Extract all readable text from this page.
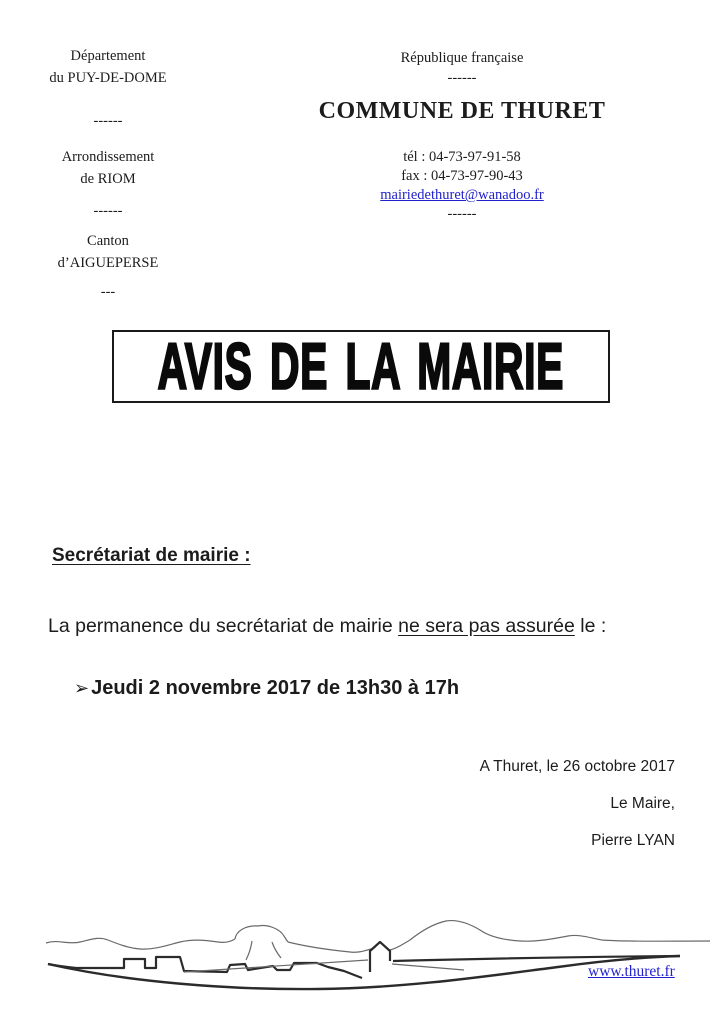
Département
du PUY-DE-DOME
------
Arrondissement
de RIOM
------
Canton
d’AIGUEPERSE
---
République française
------
COMMUNE DE THURET
tél : 04-73-97-91-58
fax : 04-73-97-90-43
mairiedethuret@wanadoo.fr
------
AVIS DE LA MAIRIE
Secrétariat de mairie :
La permanence du secrétariat de mairie ne sera pas assurée le :
➢ Jeudi 2 novembre 2017 de 13h30 à 17h
A Thuret, le 26 octobre 2017
Le Maire,
Pierre LYAN
www.thuret.fr
